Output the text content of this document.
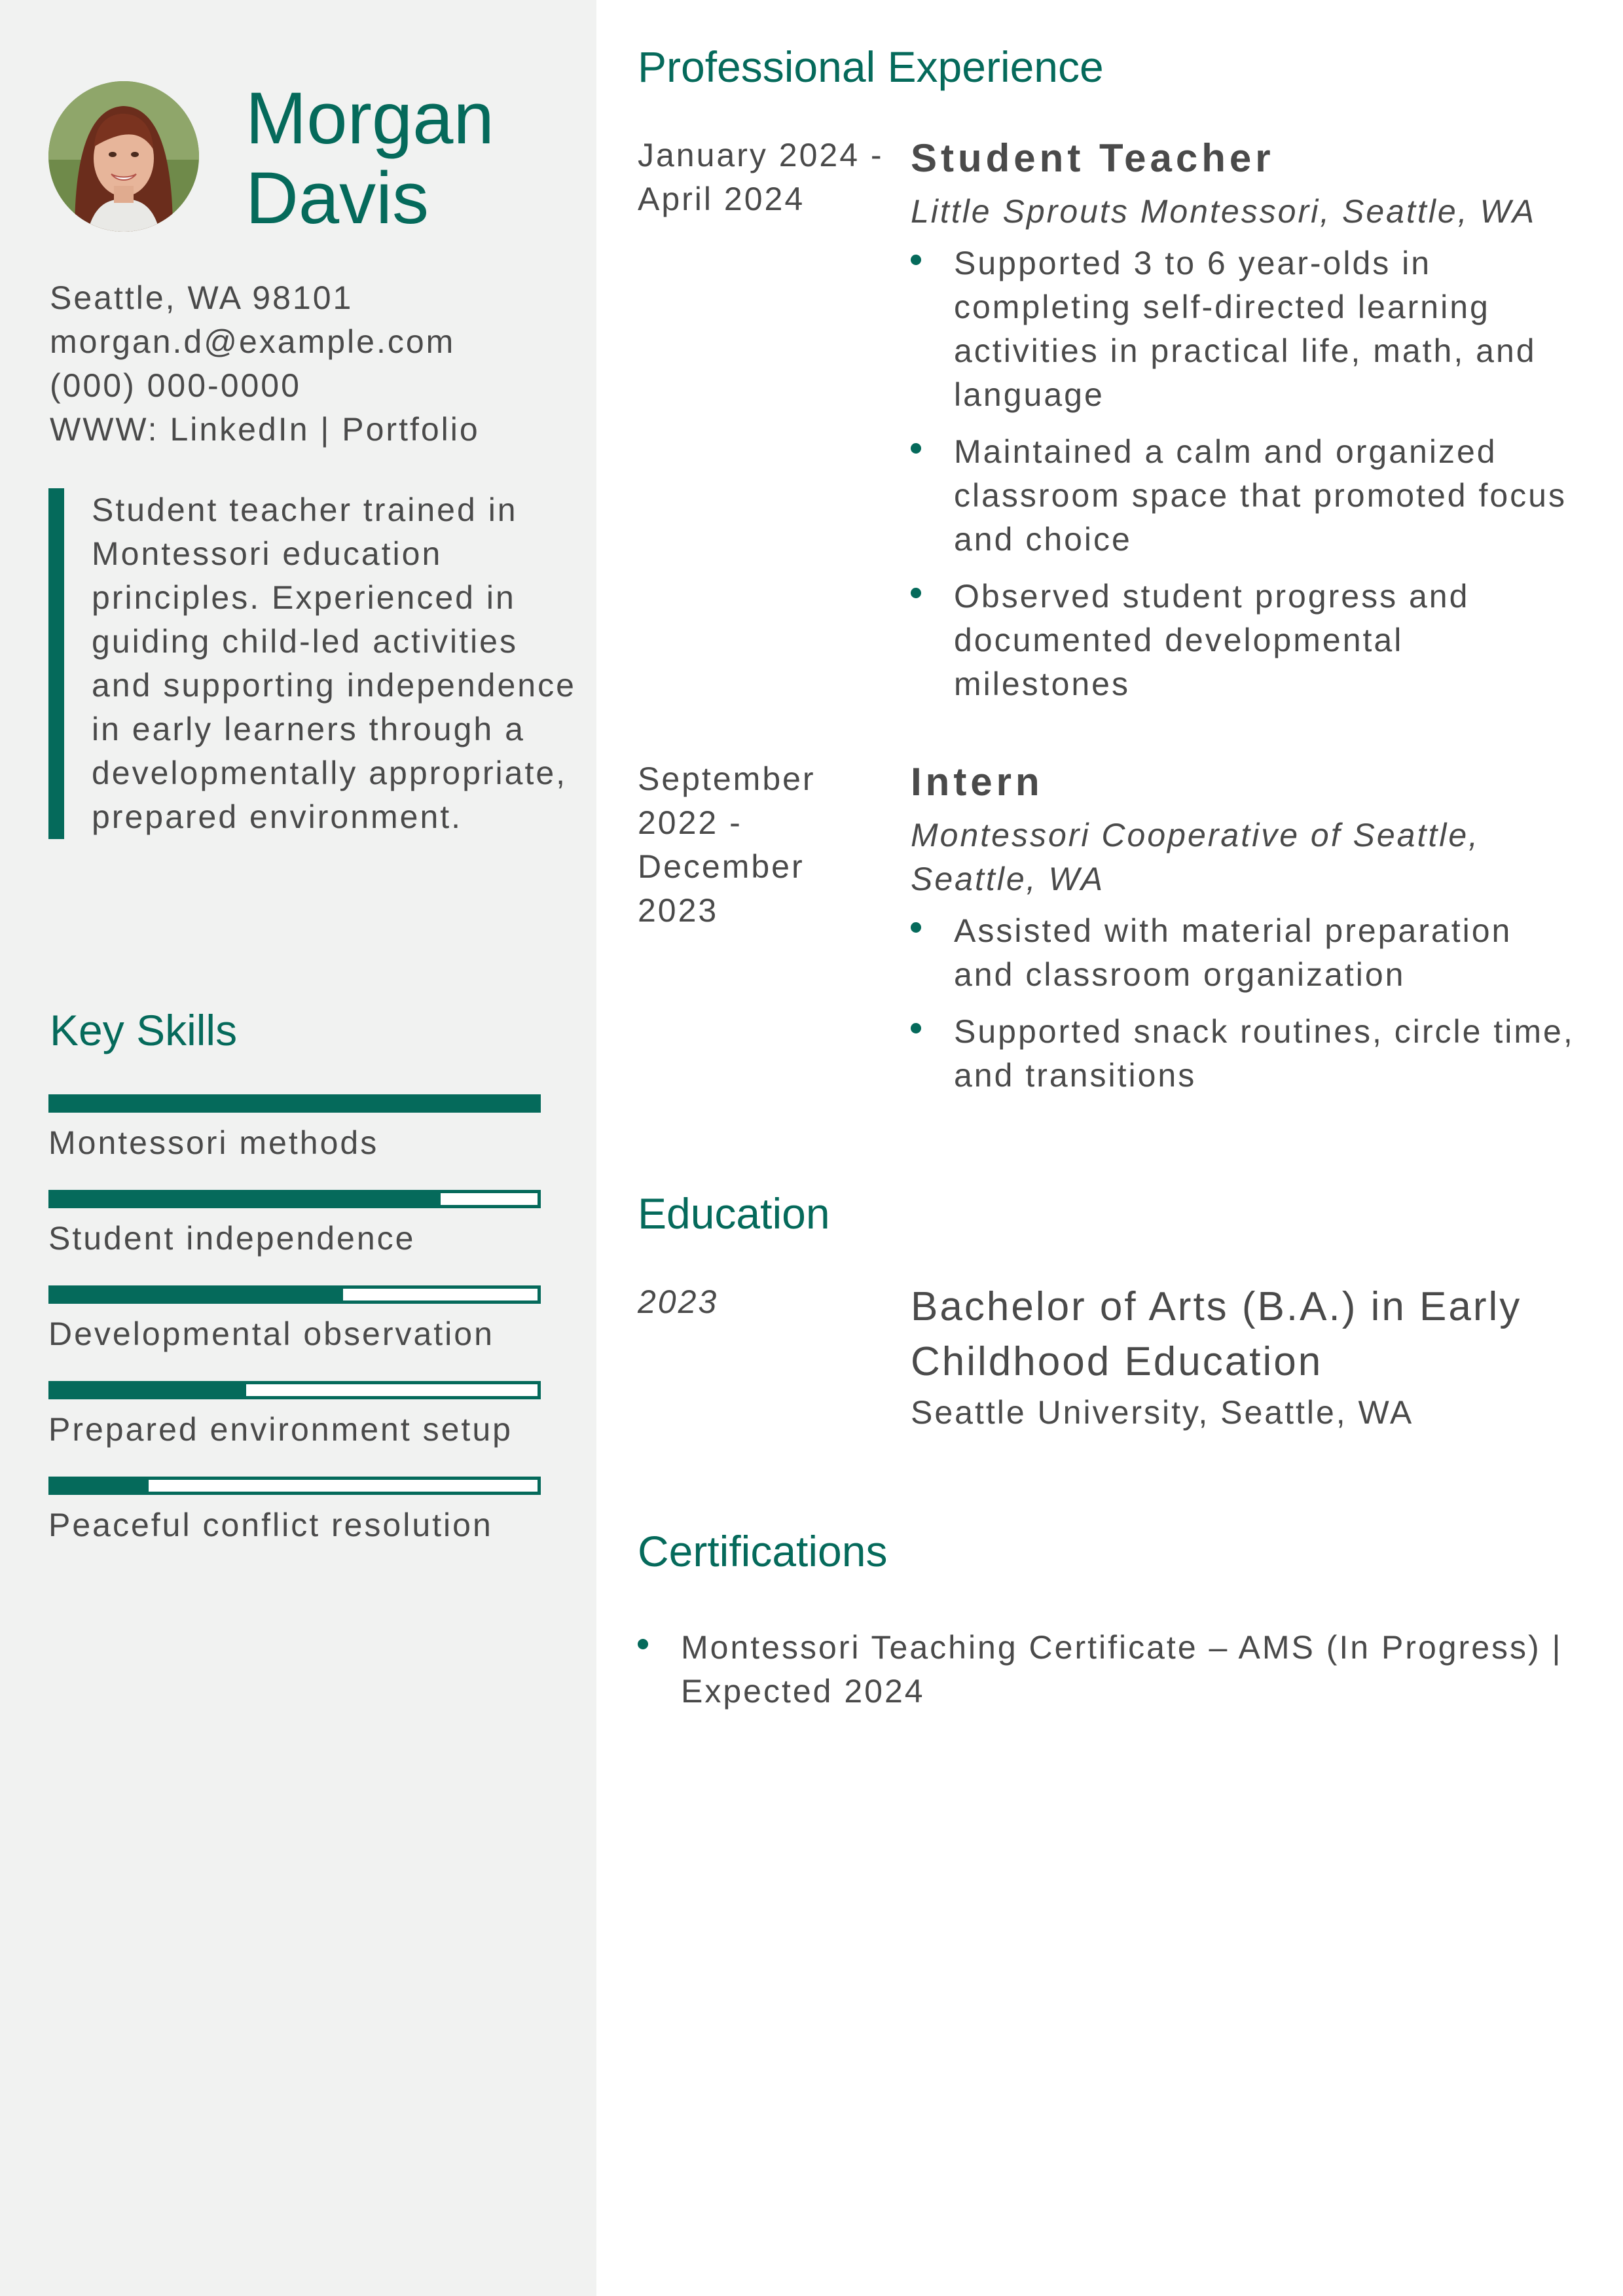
Morgan
Davis
Seattle, WA 98101
morgan.d@example.com
(000) 000-0000
WWW: LinkedIn | Portfolio
Student teacher trained in Montessori education principles. Experienced in guiding child-led activities and supporting independence in early learners through a developmentally appropriate, prepared environment.
Key Skills
Montessori methods
Student independence
Developmental observation
Prepared environment setup
Peaceful conflict resolution
Professional Experience
January 2024 - April 2024
Student Teacher
Little Sprouts Montessori, Seattle, WA
Supported 3 to 6 year-olds in completing self-directed learning activities in practical life, math, and language
Maintained a calm and organized classroom space that promoted focus and choice
Observed student progress and documented developmental milestones
September 2022 - December 2023
Intern
Montessori Cooperative of Seattle, Seattle, WA
Assisted with material preparation and classroom organization
Supported snack routines, circle time, and transitions
Education
2023	Bachelor of Arts (B.A.) in Early Childhood Education
Seattle University, Seattle, WA
Certifications
Montessori Teaching Certificate – AMS (In Progress) | Expected 2024
